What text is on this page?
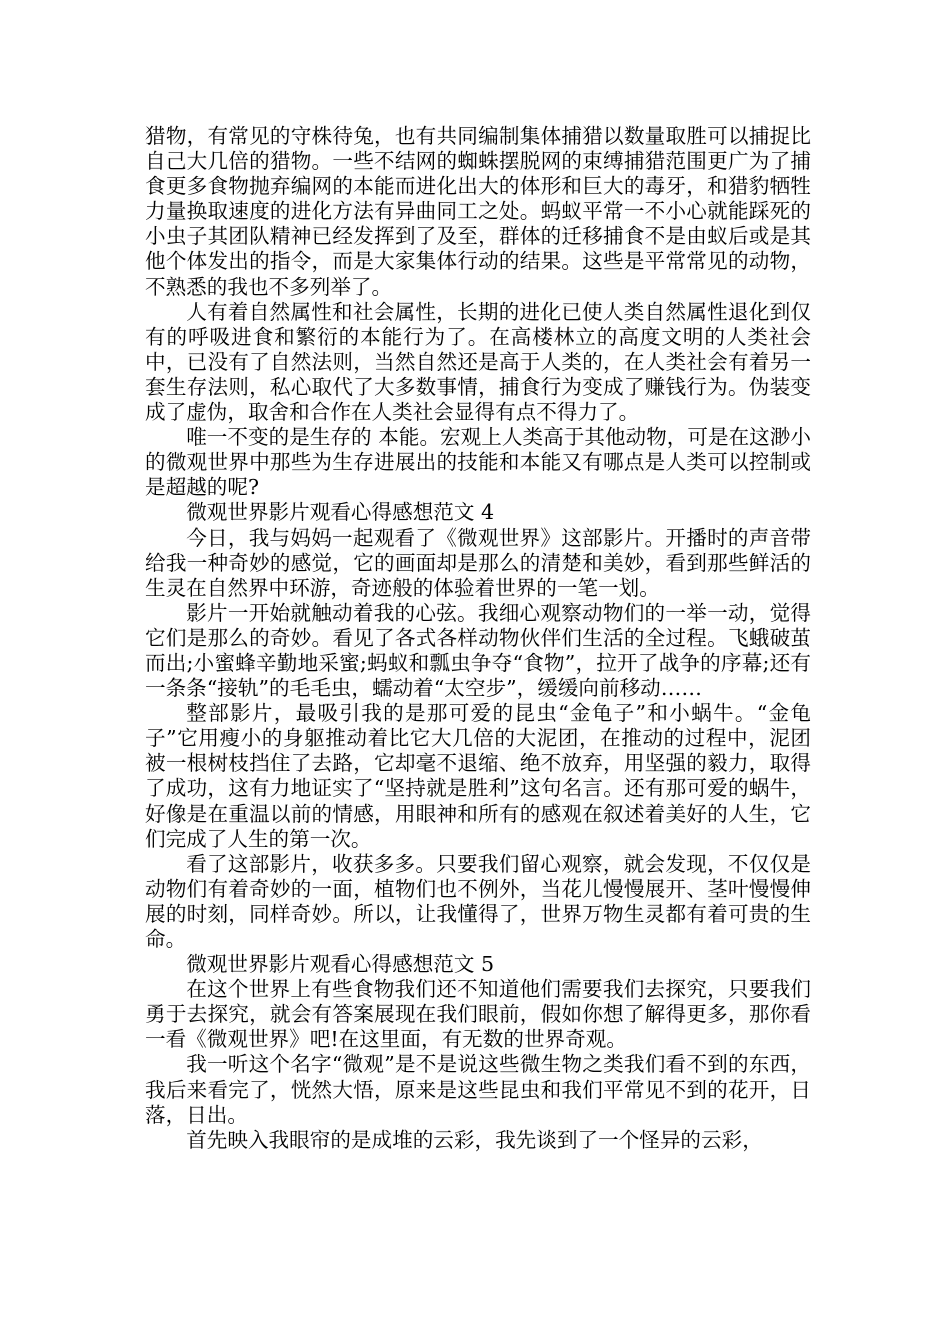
猎物，有常见的守株待兔，也有共同编制集体捕猎以数量取胜可以捕捉比自己大几倍的猎物。一些不结网的蜘蛛摆脱网的束缚捕猎范围更广为了捕食更多食物抛弃编网的本能而进化出大的体形和巨大的毒牙，和猎豹牺牲力量换取速度的进化方法有异曲同工之处。蚂蚁平常一不小心就能踩死的小虫子其团队精神已经发挥到了及至，群体的迁移捕食不是由蚁后或是其他个体发出的指令，而是大家集体行动的结果。这些是平常常见的动物，不熟悉的我也不多列举了。

人有着自然属性和社会属性，长期的进化已使人类自然属性退化到仅有的呼吸进食和繁衍的本能行为了。在高楼林立的高度文明的人类社会中，已没有了自然法则，当然自然还是高于人类的，在人类社会有着另一套生存法则，私心取代了大多数事情，捕食行为变成了赚钱行为。伪装变成了虚伪，取舍和合作在人类社会显得有点不得力了。

唯一不变的是生存的 本能。宏观上人类高于其他动物，可是在这渺小的微观世界中那些为生存进展出的技能和本能又有哪点是人类可以控制或是超越的呢?

微观世界影片观看心得感想范文 4

今日，我与妈妈一起观看了《微观世界》这部影片。开播时的声音带给我一种奇妙的感觉，它的画面却是那么的清楚和美妙，看到那些鲜活的生灵在自然界中环游，奇迹般的体验着世界的一笔一划。

影片一开始就触动着我的心弦。我细心观察动物们的一举一动，觉得它们是那么的奇妙。看见了各式各样动物伙伴们生活的全过程。飞蛾破茧而出;小蜜蜂辛勤地采蜜;蚂蚁和瓢虫争夺“食物”，拉开了战争的序幕;还有一条条“接轨”的毛毛虫，蠕动着“太空步”，缓缓向前移动……

整部影片，最吸引我的是那可爱的昆虫“金龟子”和小蜗牛。“金龟子”它用瘦小的身躯推动着比它大几倍的大泥团，在推动的过程中，泥团被一根树枝挡住了去路，它却毫不退缩、绝不放弃，用坚强的毅力，取得了成功，这有力地证实了“坚持就是胜利”这句名言。还有那可爱的蜗牛，好像是在重温以前的情感，用眼神和所有的感观在叙述着美好的人生，它们完成了人生的第一次。

看了这部影片，收获多多。只要我们留心观察，就会发现，不仅仅是动物们有着奇妙的一面，植物们也不例外，当花儿慢慢展开、茎叶慢慢伸展的时刻，同样奇妙。所以，让我懂得了，世界万物生灵都有着可贵的生命。

微观世界影片观看心得感想范文 5

在这个世界上有些食物我们还不知道他们需要我们去探究，只要我们勇于去探究，就会有答案展现在我们眼前，假如你想了解得更多，那你看一看《微观世界》吧!在这里面，有无数的世界奇观。

我一听这个名字“微观”是不是说这些微生物之类我们看不到的东西，我后来看完了，恍然大悟，原来是这些昆虫和我们平常见不到的花开，日落，日出。

首先映入我眼帘的是成堆的云彩，我先谈到了一个怪异的云彩，
